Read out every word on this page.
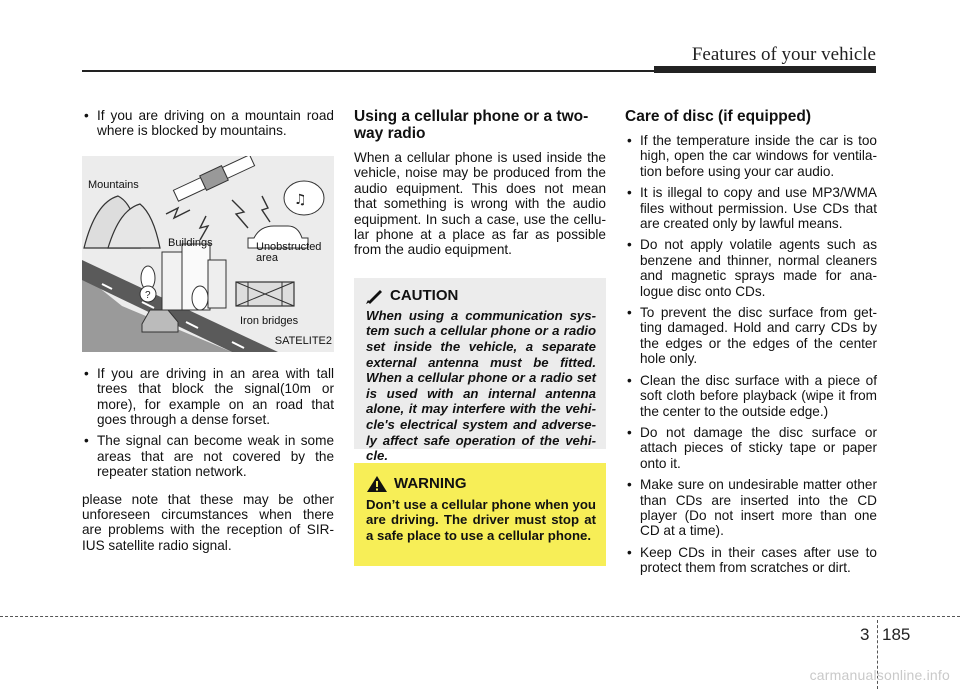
Features of your vehicle
• If you are driving on a mountain road where is blocked by mountains.
♫
?
Mountains
Buildings	Unobstructed
area
Iron bridges
SATELITE2
• If you are driving in an area with tall trees that block the signal(10m or more), for example on an road that goes through a dense forset.
• The signal can become weak in some areas that are not covered by the repeater station network.

please note that these may be other unforeseen circumstances when there are problems with the reception of SIR- IUS satellite radio signal.

Using a cellular phone or a two- way radio

When a cellular phone is used inside the vehicle, noise may be produced from the audio equipment. This does not mean that something is wrong with the audio equipment. In such a case, use the cellu- lar phone at a place as far as possible from the audio equipment.

CAUTION
When using a communication sys- tem such a cellular phone or a radio set inside the vehicle, a separate external antenna must be fitted. When a cellular phone or a radio set is used with an internal antenna alone, it may interfere with the vehi- cle's electrical system and adverse- ly affect safe operation of the vehi- cle.
WARNING
Don’t use a cellular phone when you are driving. The driver must stop at a safe place to use a cellular phone.
Care of disc (if equipped)
• If the temperature inside the car is too high, open the car windows for ventila- tion before using your car audio.
• It is illegal to copy and use MP3/WMA files without permission. Use CDs that are created only by lawful means.
• Do not apply volatile agents such as benzene and thinner, normal cleaners and magnetic sprays made for ana- logue disc onto CDs.
• To prevent the disc surface from get- ting damaged. Hold and carry CDs by the edges or the edges of the center hole only.
• Clean the disc surface with a piece of soft cloth before playback (wipe it from the center to the outside edge.)
• Do not damage the disc surface or attach pieces of sticky tape or paper onto it.
• Make sure on undesirable matter other than CDs are inserted into the CD player (Do not insert more than one CD at a time).
• Keep CDs in their cases after use to protect them from scratches or dirt.
3 185
carmanualsonline.info
